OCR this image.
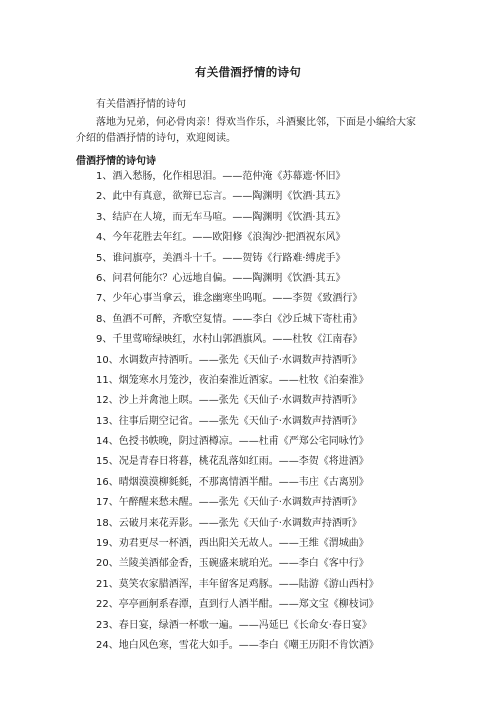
有关借酒抒情的诗句
有关借酒抒情的诗句
落地为兄弟，何必骨肉亲！得欢当作乐，斗酒聚比邻，下面是小编给大家介绍的借酒抒情的诗句，欢迎阅读。
借酒抒情的诗句诗
1、酒入愁肠，化作相思泪。——范仲淹《苏幕遮·怀旧》
2、此中有真意，欲辩已忘言。——陶渊明《饮酒·其五》
3、结庐在人境，而无车马喧。——陶渊明《饮酒·其五》
4、今年花胜去年红。——欧阳修《浪淘沙·把酒祝东风》
5、谁问旗亭，美酒斗十千。——贺铸《行路难·缚虎手》
6、问君何能尔？心远地自偏。——陶渊明《饮酒·其五》
7、少年心事当拿云，谁念幽寒坐呜呃。——李贺《致酒行》
8、鱼酒不可醉，齐歌空复情。——李白《沙丘城下寄杜甫》
9、千里莺啼绿映红，水村山郭酒旗风。——杜牧《江南春》
10、水调数声持酒听。——张先《天仙子·水调数声持酒听》
11、烟笼寒水月笼沙，夜泊秦淮近酒家。——杜牧《泊秦淮》
12、沙上并禽池上暝。——张先《天仙子·水调数声持酒听》
13、往事后期空记省。——张先《天仙子·水调数声持酒听》
14、色授书帙晚，阴过酒樽凉。——杜甫《严郑公宅同咏竹》
15、况是青春日将暮，桃花乱落如红雨。——李贺《将进酒》
16、晴烟漠漠柳毵毵，不那离情酒半酣。——韦庄《古离别》
17、午醉醒来愁未醒。——张先《天仙子·水调数声持酒听》
18、云破月来花弄影。——张先《天仙子·水调数声持酒听》
19、劝君更尽一杯酒，西出阳关无故人。——王维《渭城曲》
20、兰陵美酒郁金香，玉碗盛来琥珀光。——李白《客中行》
21、莫笑农家腊酒浑，丰年留客足鸡豚。——陆游《游山西村》
22、亭亭画舸系春潭，直到行人酒半酣。——郑文宝《柳枝词》
23、春日宴，绿酒一杯歌一遍。——冯延巳《长命女·春日宴》
24、地白风色寒，雪花大如手。——李白《嘲王历阳不肯饮酒》
